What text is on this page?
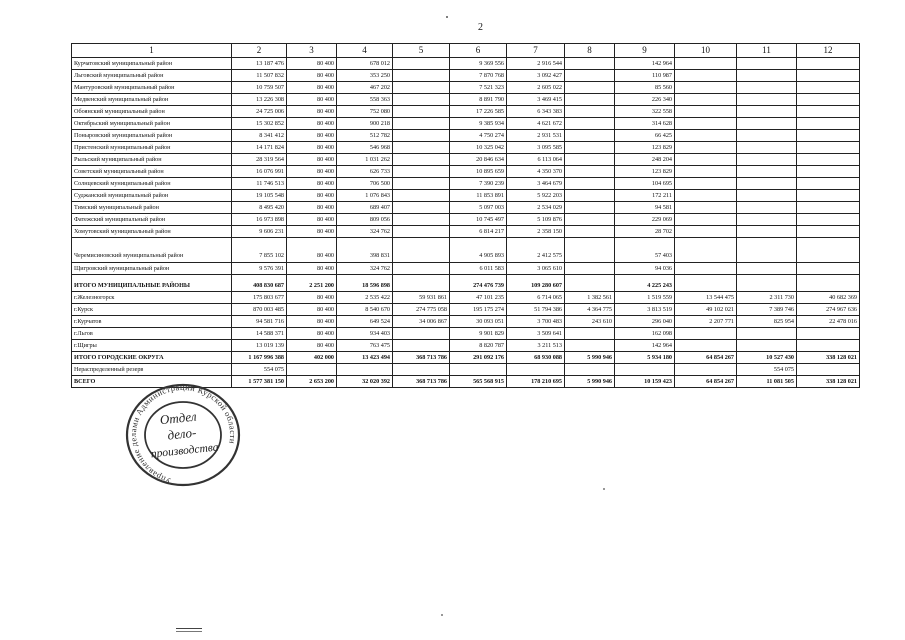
2
1	2	3	4	5	6	7	8	9	10	11	12
Курчатовский муниципальный район	13 187 476	80 400	678 012		9 369 556	2 916 544		142 964			
Льговский муниципальный район	11 507 832	80 400	353 250		7 870 768	3 092 427		110 987			
Мантуровский муниципальный район	10 759 507	80 400	467 202		7 521 323	2 605 022		85 560			
Медвенский муниципальный район	13 226 308	80 400	558 363		8 891 790	3 469 415		226 340			
Обоянский муниципальный район	24 725 006	80 400	752 080		17 226 585	6 343 383		322 558			
Октябрьский муниципальный район	15 302 852	80 400	900 218		9 385 934	4 621 672		314 628			
Поныровский муниципальный район	8 341 412	80 400	512 782		4 750 274	2 931 531		66 425			
Пристенский муниципальный район	14 171 824	80 400	546 968		10 325 042	3 095 585		123 829			
Рыльский муниципальный район	28 319 564	80 400	1 031 262		20 846 634	6 113 064		248 204			
Советский муниципальный район	16 076 991	80 400	626 733		10 895 659	4 350 370		123 829			
Солнцевский муниципальный район	11 746 513	80 400	706 500		7 390 239	3 464 679		104 695			
Суджанский муниципальный район	19 105 548	80 400	1 076 843		11 853 891	5 922 203		172 211			
Тимский муниципальный район	8 495 420	80 400	689 407		5 097 003	2 534 029		94 581			
Фатежский муниципальный район	16 973 898	80 400	809 056		10 745 497	5 109 876		229 069			
Хомутовский муниципальный район	9 606 231	80 400	324 762		6 814 217	2 358 150		28 702			
Черемисиновский муниципальный район	7 855 102	80 400	398 831		4 905 893	2 412 575		57 403			
Щигровский муниципальный район	9 576 391	80 400	324 762		6 011 583	3 065 610		94 036			
ИТОГО МУНИЦИПАЛЬНЫЕ РАЙОНЫ	408 830 687	2 251 200	18 596 898		274 476 739	109 280 607		4 225 243			
г.Железногорск	175 803 677	80 400	2 535 422	59 931 861	47 101 235	6 714 065	1 382 561	1 519 559	13 544 475	2 311 730	40 682 369
г.Курск	870 003 485	80 400	8 540 670	274 775 058	195 175 274	51 794 386	4 364 775	3 813 519	49 102 021	7 389 746	274 967 636
г.Курчатов	94 581 716	80 400	649 524	34 006 867	30 093 051	3 700 483	243 610	296 040	2 207 771	825 954	22 478 016
г.Льгов	14 588 371	80 400	934 403		9 901 829	3 509 641		162 098			
г.Щигры	13 019 139	80 400	763 475		8 820 787	3 211 513		142 964			
ИТОГО ГОРОДСКИЕ ОКРУГА	1 167 996 388	402 000	13 423 494	368 713 786	291 092 176	68 930 088	5 990 946	5 934 180	64 854 267	10 527 430	338 128 021
Нераспределенный резерв	554 075									554 075	
ВСЕГО	1 577 381 150	2 653 200	32 020 392	368 713 786	565 568 915	178 210 695	5 990 946	10 159 423	64 854 267	11 081 505	338 128 021
Управление делами Администрации Курской области
Отдел
дело-
производства
